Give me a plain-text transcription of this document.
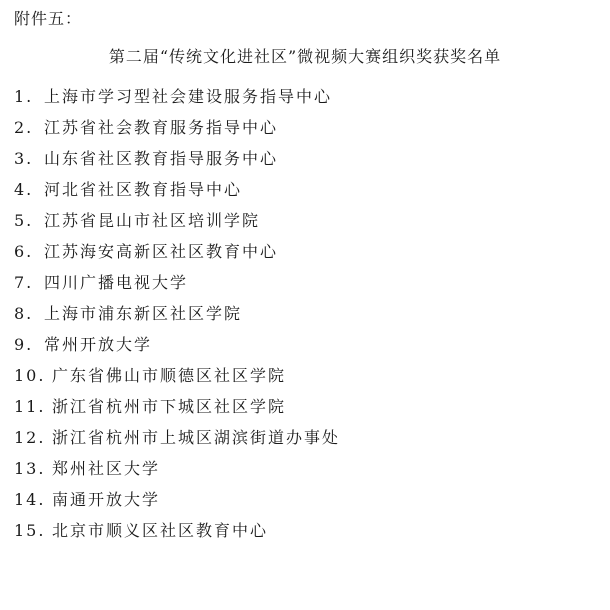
附件五：
第二届“传统文化进社区”微视频大赛组织奖获奖名单
1. 上海市学习型社会建设服务指导中心
2. 江苏省社会教育服务指导中心
3. 山东省社区教育指导服务中心
4. 河北省社区教育指导中心
5. 江苏省昆山市社区培训学院
6. 江苏海安高新区社区教育中心
7. 四川广播电视大学
8. 上海市浦东新区社区学院
9. 常州开放大学
10. 广东省佛山市顺德区社区学院
11. 浙江省杭州市下城区社区学院
12. 浙江省杭州市上城区湖滨街道办事处
13. 郑州社区大学
14. 南通开放大学
15. 北京市顺义区社区教育中心
